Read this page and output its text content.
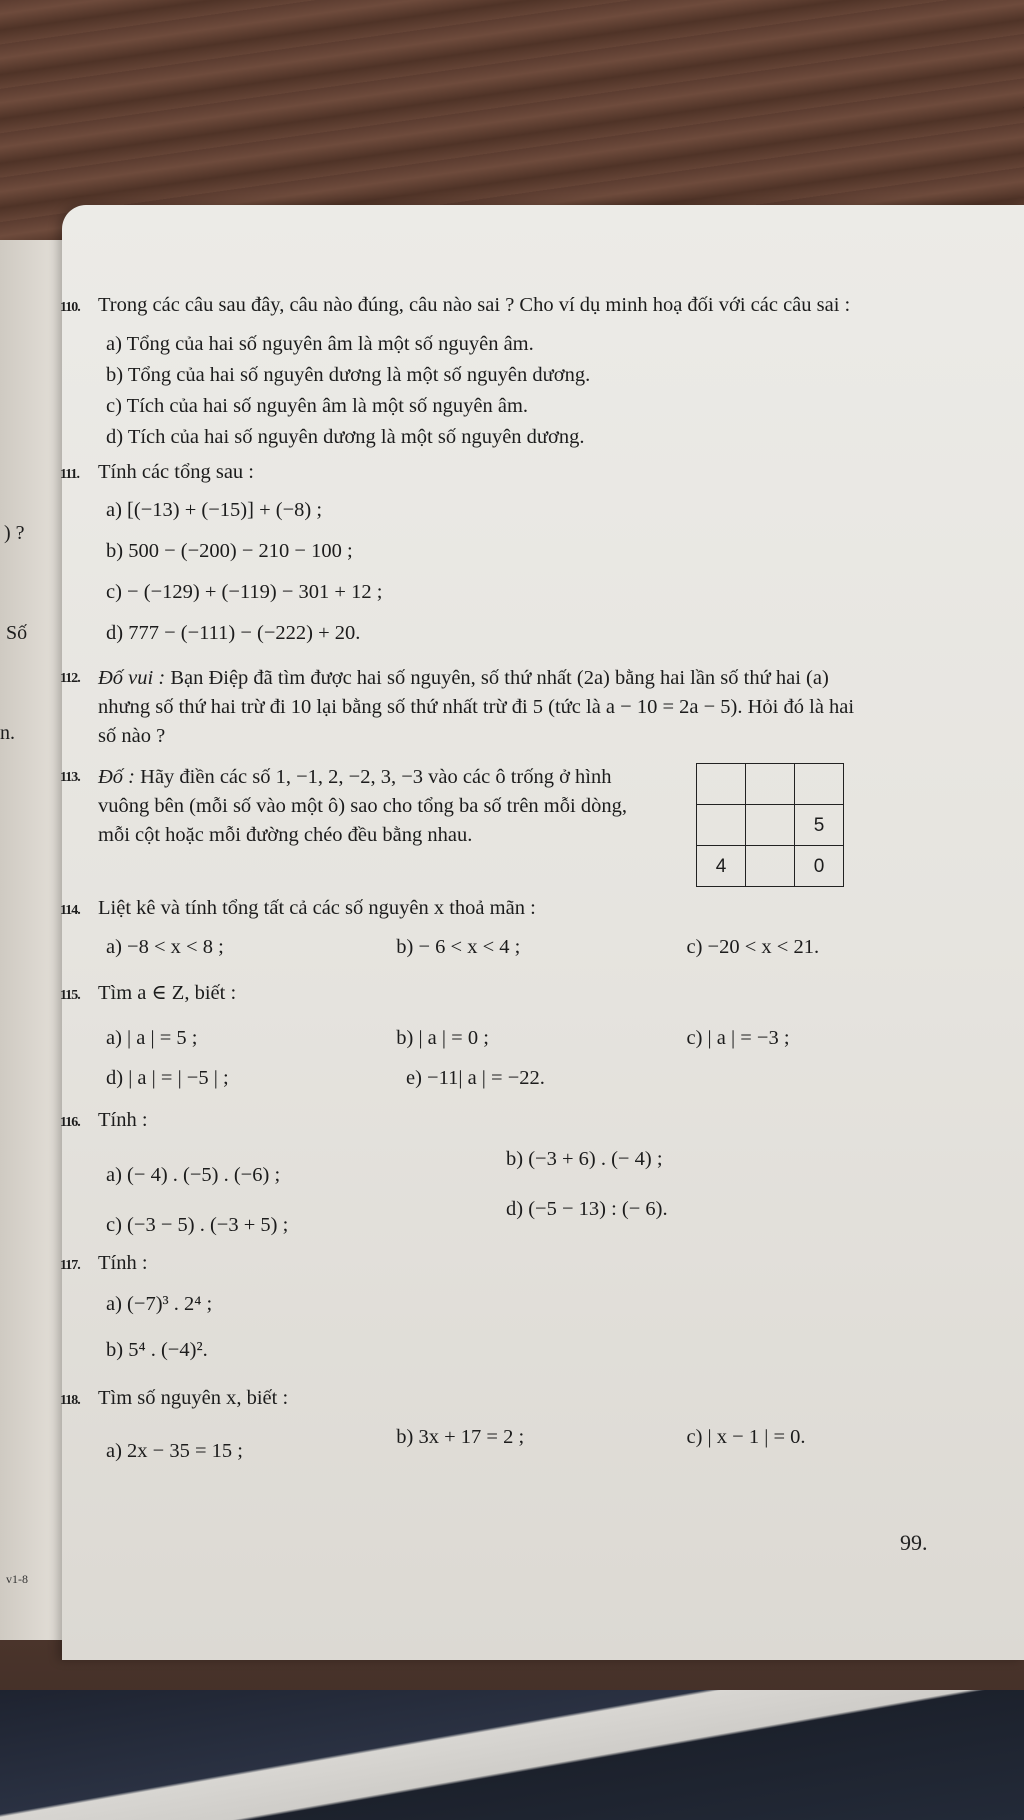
) ?
Số
n.
110. Trong các câu sau đây, câu nào đúng, câu nào sai ? Cho ví dụ minh hoạ đối với các câu sai :
a) Tổng của hai số nguyên âm là một số nguyên âm.
b) Tổng của hai số nguyên dương là một số nguyên dương.
c) Tích của hai số nguyên âm là một số nguyên âm.
d) Tích của hai số nguyên dương là một số nguyên dương.
111. Tính các tổng sau :
a) [(−13) + (−15)] + (−8) ;
b) 500 − (−200) − 210 − 100 ;
c) − (−129) + (−119) − 301 + 12 ;
d) 777 − (−111) − (−222) + 20.
112. Đố vui : Bạn Điệp đã tìm được hai số nguyên, số thứ nhất (2a) bằng hai lần số thứ hai (a) nhưng số thứ hai trừ đi 10 lại bằng số thứ nhất trừ đi 5 (tức là a − 10 = 2a − 5). Hỏi đó là hai số nào ?
113. Đố : Hãy điền các số 1, −1, 2, −2, 3, −3 vào các ô trống ở hình vuông bên (mỗi số vào một ô) sao cho tổng ba số trên mỗi dòng, mỗi cột hoặc mỗi đường chéo đều bằng nhau.

			5
4		0
114. Liệt kê và tính tổng tất cả các số nguyên x thoả mãn :
a) −8 < x < 8 ;	b) − 6 < x < 4 ;	c) −20 < x < 21.
115. Tìm a ∈ Z, biết :
a) | a | = 5 ;	b) | a | = 0 ;	c) | a | = −3 ;
d) | a | = | −5 | ;	e) −11| a | = −22.
116. Tính :
a) (− 4) . (−5) . (−6) ;
b) (−3 + 6) . (− 4) ;
c) (−3 − 5) . (−3 + 5) ;
d) (−5 − 13) : (− 6).
117. Tính :
a) (−7)³ . 2⁴ ;
b) 5⁴ . (−4)².
118. Tìm số nguyên x, biết :
a) 2x − 35 = 15 ;
b) 3x + 17 = 2 ;	c) | x − 1 | = 0.
99.
v1-8
